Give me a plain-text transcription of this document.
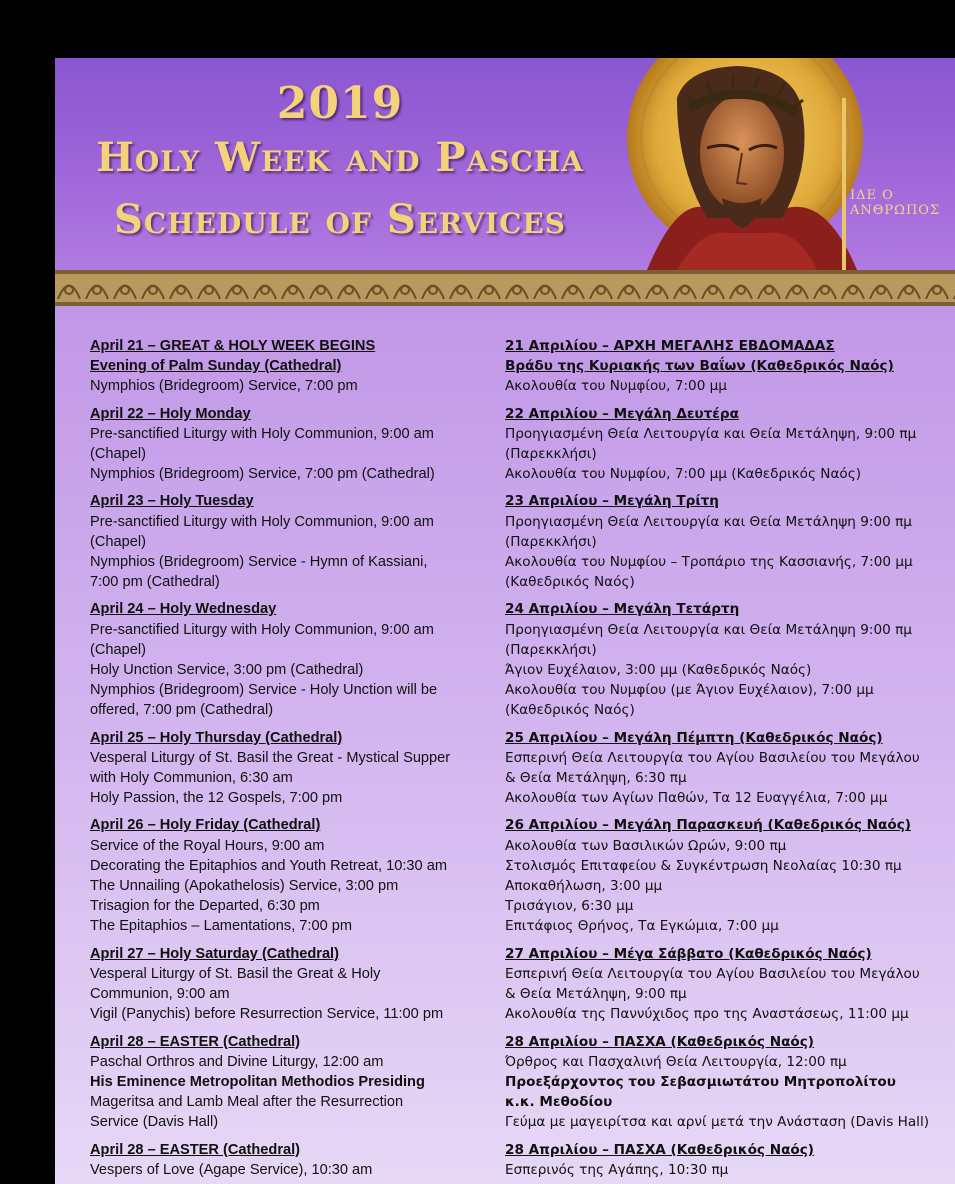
2019
Holy Week and Pascha
Schedule of Services
ΙΔΕ Ο ΑΝΘΡΩΠΟΣ
April 21 – GREAT & HOLY WEEK BEGINS
Evening of Palm Sunday (Cathedral)
Nymphios (Bridegroom) Service, 7:00 pm
April 22 – Holy Monday
Pre-sanctified Liturgy with Holy Communion, 9:00 am
(Chapel)
Nymphios (Bridegroom) Service, 7:00 pm (Cathedral)
April 23 – Holy Tuesday
Pre-sanctified Liturgy with Holy Communion, 9:00 am
(Chapel)
Nymphios (Bridegroom) Service - Hymn of Kassiani,
7:00 pm (Cathedral)
April 24 – Holy Wednesday
Pre-sanctified Liturgy with Holy Communion, 9:00 am
(Chapel)
Holy Unction Service, 3:00 pm (Cathedral)
Nymphios (Bridegroom) Service - Holy Unction will be
offered, 7:00 pm (Cathedral)
April 25 – Holy Thursday (Cathedral)
Vesperal Liturgy of St. Basil the Great - Mystical Supper
with Holy Communion, 6:30 am
Holy Passion, the 12 Gospels, 7:00 pm
April 26 – Holy Friday (Cathedral)
Service of the Royal Hours, 9:00 am
Decorating the Epitaphios and Youth Retreat, 10:30 am
The Unnailing (Apokathelosis) Service, 3:00 pm
Trisagion for the Departed, 6:30 pm
The Epitaphios – Lamentations, 7:00 pm
April 27 – Holy Saturday (Cathedral)
Vesperal Liturgy of St. Basil the Great & Holy
Communion, 9:00 am
Vigil (Panychis) before Resurrection Service, 11:00 pm
April 28 – EASTER (Cathedral)
Paschal Orthros and Divine Liturgy, 12:00 am
His Eminence Metropolitan Methodios Presiding
Mageritsa and Lamb Meal after the Resurrection
Service (Davis Hall)
April 28 – EASTER (Cathedral)
Vespers of Love (Agape Service), 10:30 am
21 Απριλίου – ΑΡΧΗ ΜΕΓΑΛΗΣ ΕΒΔΟΜΑΔΑΣ
Βράδυ της Κυριακής των Βαΐων (Καθεδρικός Ναός)
Ακολουθία του Νυμφίου, 7:00 μμ
22 Απριλίου – Μεγάλη Δευτέρα
Προηγιασμένη Θεία Λειτουργία και Θεία Μετάληψη, 9:00 πμ
(Παρεκκλήσι)
Ακολουθία του Νυμφίου, 7:00 μμ (Καθεδρικός Ναός)
23 Απριλίου – Μεγάλη Τρίτη
Προηγιασμένη Θεία Λειτουργία και Θεία Μετάληψη 9:00 πμ
(Παρεκκλήσι)
Ακολουθία του Νυμφίου – Τροπάριο της Κασσιανής, 7:00 μμ
(Καθεδρικός Ναός)
24 Απριλίου – Μεγάλη Τετάρτη
Προηγιασμένη Θεία Λειτουργία και Θεία Μετάληψη 9:00 πμ
(Παρεκκλήσι)
Άγιον Ευχέλαιον, 3:00 μμ (Καθεδρικός Ναός)
Ακολουθία του Νυμφίου (με Άγιον Ευχέλαιον), 7:00 μμ
(Καθεδρικός Ναός)
25 Απριλίου – Μεγάλη Πέμπτη (Καθεδρικός Ναός)
Εσπερινή Θεία Λειτουργία του Αγίου Βασιλείου του Μεγάλου
& Θεία Μετάληψη, 6:30 πμ
Ακολουθία των Αγίων Παθών, Τα 12 Ευαγγέλια, 7:00 μμ
26 Απριλίου – Μεγάλη Παρασκευή (Καθεδρικός Ναός)
Ακολουθία των Βασιλικών Ωρών, 9:00 πμ
Στολισμός Επιταφείου & Συγκέντρωση Νεολαίας 10:30 πμ
Αποκαθήλωση, 3:00 μμ
Τρισάγιον, 6:30 μμ
Επιτάφιος Θρήνος, Τα Εγκώμια, 7:00 μμ
27 Απριλίου – Μέγα Σάββατο (Καθεδρικός Ναός)
Εσπερινή Θεία Λειτουργία του Αγίου Βασιλείου του Μεγάλου
& Θεία Μετάληψη, 9:00 πμ
Ακολουθία της Παννύχιδος προ της Αναστάσεως, 11:00 μμ
28 Απριλίου – ΠΑΣΧΑ (Καθεδρικός Ναός)
Όρθρος και Πασχαλινή Θεία Λειτουργία, 12:00 πμ
Προεξάρχοντος του Σεβασμιωτάτου Μητροπολίτου
κ.κ. Μεθοδίου
Γεύμα με μαγειρίτσα και αρνί μετά την Ανάσταση (Davis Hall)
28 Απριλίου – ΠΑΣΧΑ (Καθεδρικός Ναός)
Εσπερινός της Αγάπης, 10:30 πμ
